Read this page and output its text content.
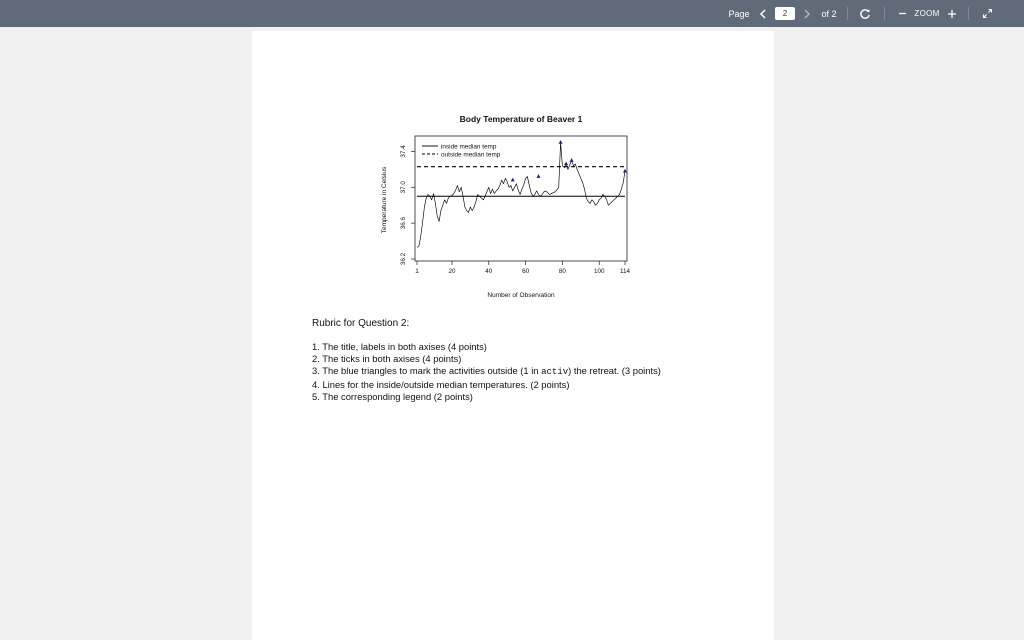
Page
2	of 2	ZOOM
Body Temperature of Beaver 1
1	20	40	60	80	100 114
36.2
36.6
37.0
37.4	inside median temp
outside median temp
Number of Observation
Temperature in Celsius
Rubric for Question 2:
1. The title, labels in both axises (4 points)
2. The ticks in both axises (4 points)
3. The blue triangles to mark the activities outside (1 in activ) the retreat. (3 points)
4. Lines for the inside/outside median temperatures. (2 points)
5. The corresponding legend (2 points)
